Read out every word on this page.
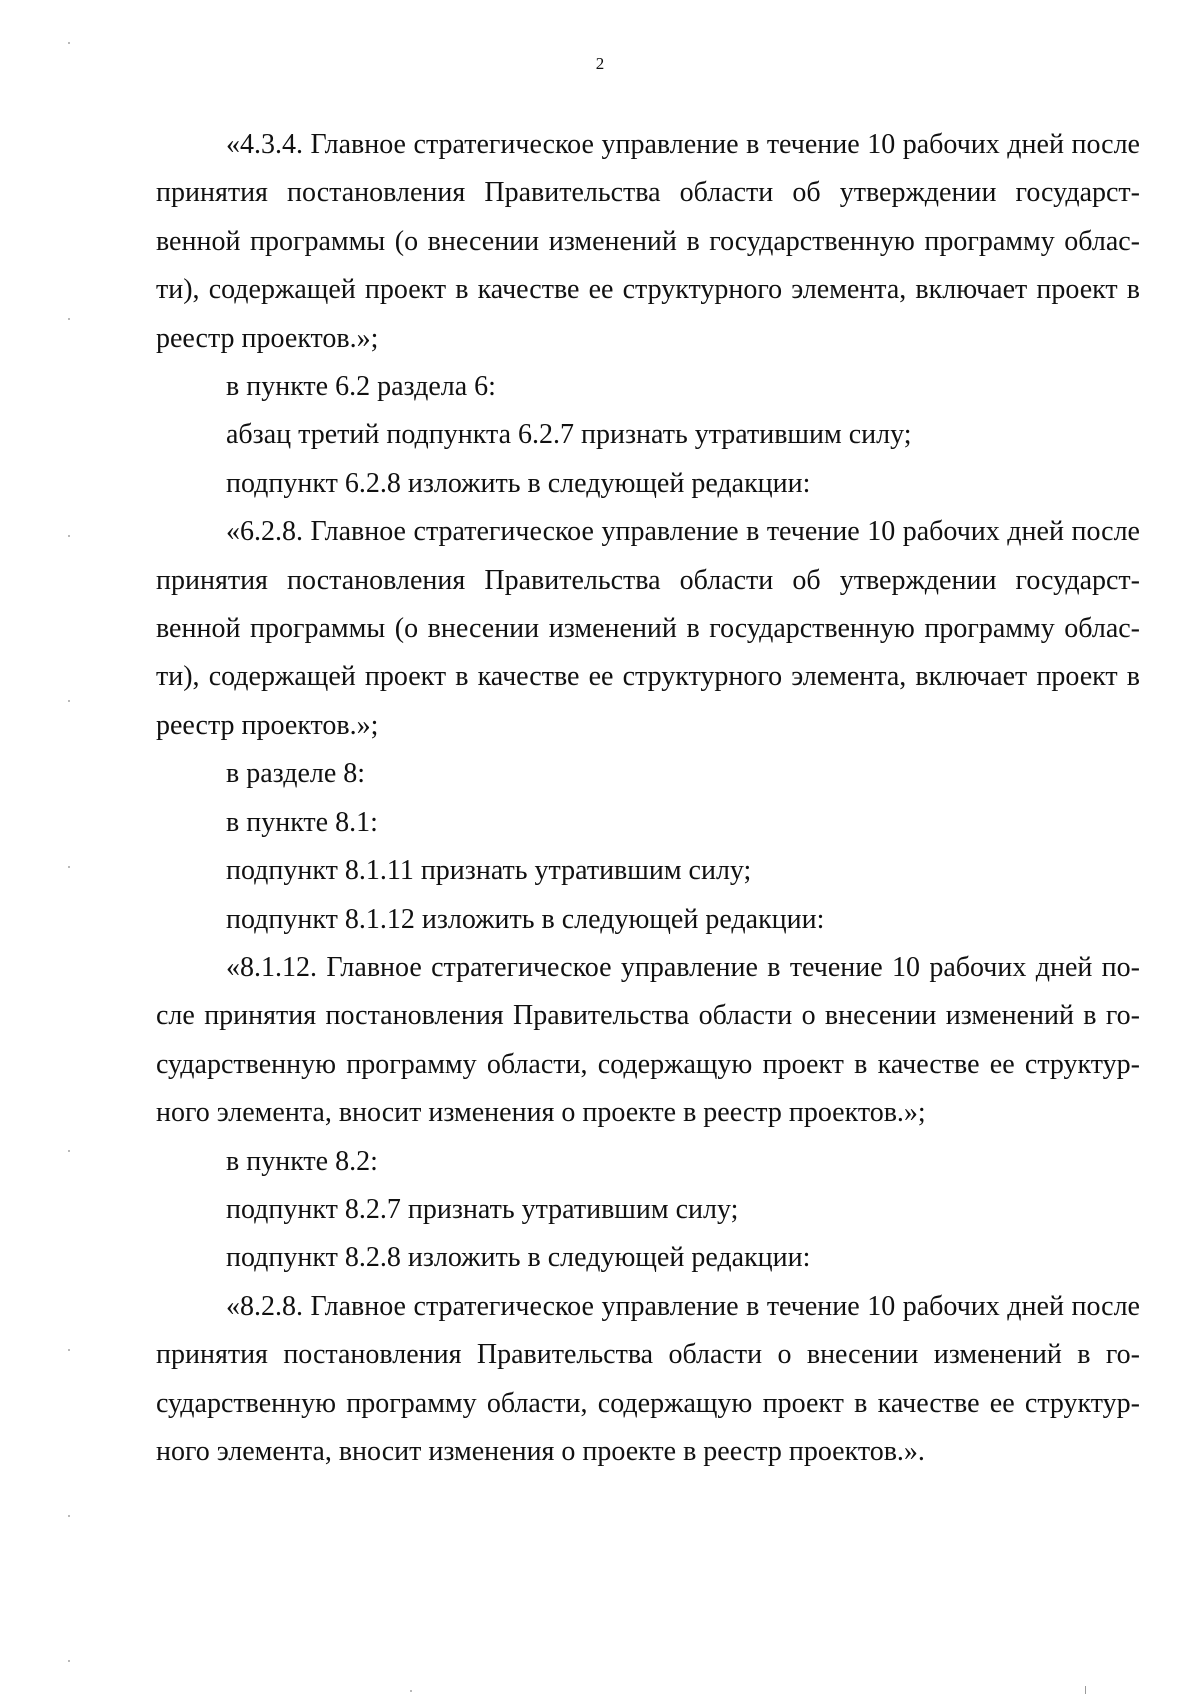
2

«4.3.4. Главное стратегическое управление в течение 10 рабочих дней после принятия постановления Правительства области об утверждении государственной программы (о внесении изменений в государственную программу области), содержащей проект в качестве ее структурного элемента, включает проект в реестр проектов.»;

в пункте 6.2 раздела 6:

абзац третий подпункта 6.2.7 признать утратившим силу;

подпункт 6.2.8 изложить в следующей редакции:

«6.2.8. Главное стратегическое управление в течение 10 рабочих дней после принятия постановления Правительства области об утверждении государственной программы (о внесении изменений в государственную программу области), содержащей проект в качестве ее структурного элемента, включает проект в реестр проектов.»;

в разделе 8:

в пункте 8.1:

подпункт 8.1.11 признать утратившим силу;

подпункт 8.1.12 изложить в следующей редакции:

«8.1.12. Главное стратегическое управление в течение 10 рабочих дней после принятия постановления Правительства области о внесении изменений в государственную программу области, содержащую проект в качестве ее структурного элемента, вносит изменения о проекте в реестр проектов.»;

в пункте 8.2:

подпункт 8.2.7 признать утратившим силу;

подпункт 8.2.8 изложить в следующей редакции:

«8.2.8. Главное стратегическое управление в течение 10 рабочих дней после принятия постановления Правительства области о внесении изменений в государственную программу области, содержащую проект в качестве ее структурного элемента, вносит изменения о проекте в реестр проектов.».
